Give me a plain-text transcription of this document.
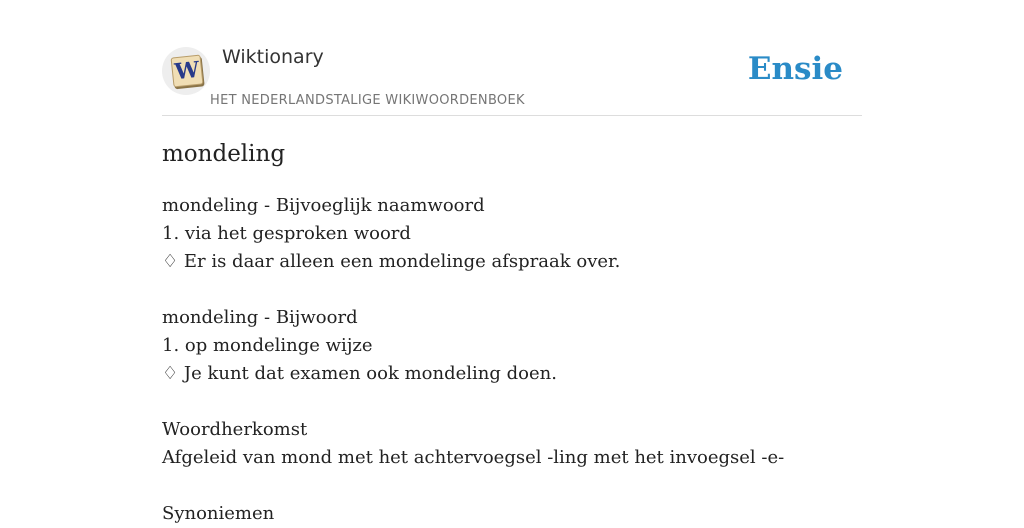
W Wiktionary
HET NEDERLANDSTALIGE WIKIWOORDENBOEK
Ensie
mondeling
mondeling - Bijvoeglijk naamwoord
1. via het gesproken woord
♢ Er is daar alleen een mondelinge afspraak over.
mondeling - Bijwoord
1. op mondelinge wijze
♢ Je kunt dat examen ook mondeling doen.
Woordherkomst
Afgeleid van mond met het achtervoegsel -ling met het invoegsel -e-
Synoniemen
